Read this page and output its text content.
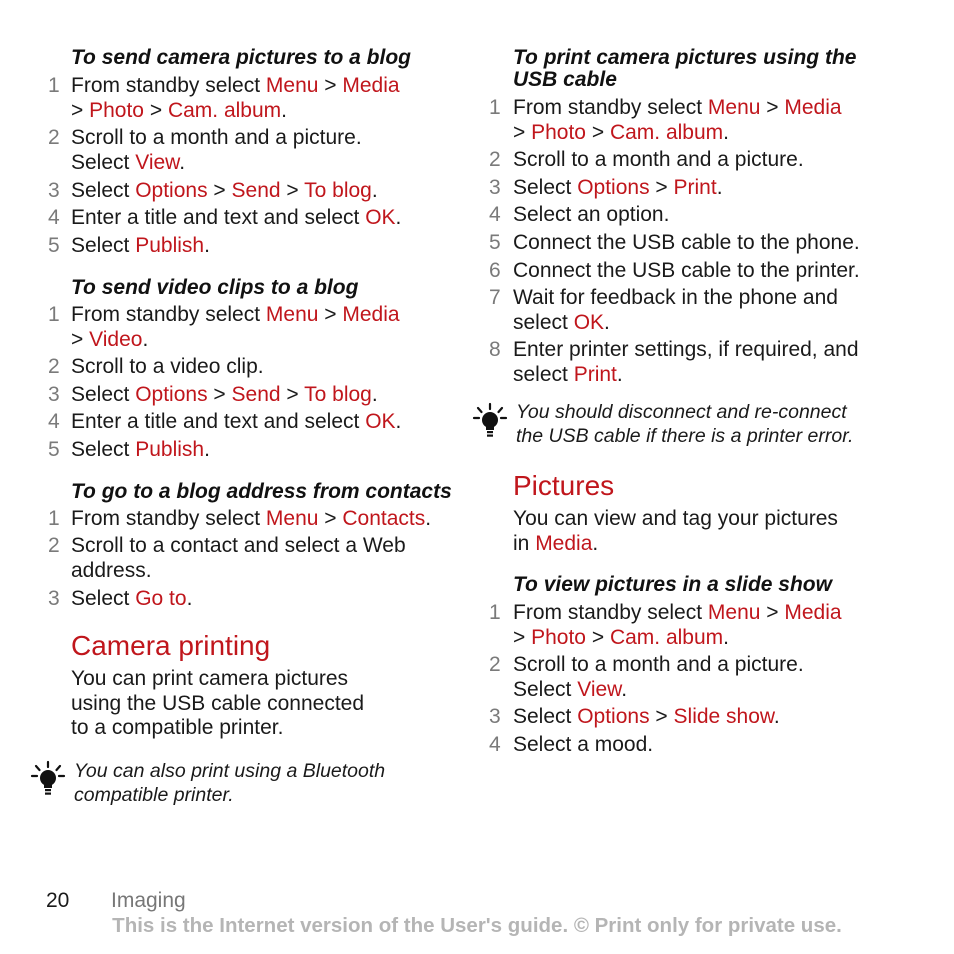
To send camera pictures to a blog
1 From standby select Menu > Media
> Photo > Cam. album.
2 Scroll to a month and a picture.
Select View.
3 Select Options > Send > To blog.
4 Enter a title and text and select OK.
5 Select Publish.
To send video clips to a blog
1 From standby select Menu > Media
> Video.
2 Scroll to a video clip.
3 Select Options > Send > To blog.
4 Enter a title and text and select OK.
5 Select Publish.
To go to a blog address from contacts
1 From standby select Menu > Contacts.
2 Scroll to a contact and select a Web
address.
3 Select Go to.
Camera printing
You can print camera pictures
using the USB cable connected
to a compatible printer.
You can also print using a Bluetooth
compatible printer.
To print camera pictures using the
USB cable
1 From standby select Menu > Media
> Photo > Cam. album.
2 Scroll to a month and a picture.
3 Select Options > Print.
4 Select an option.
5 Connect the USB cable to the phone.
6 Connect the USB cable to the printer.
7 Wait for feedback in the phone and
select OK.
8 Enter printer settings, if required, and
select Print.
You should disconnect and re-connect
the USB cable if there is a printer error.
Pictures
You can view and tag your pictures
in Media.
To view pictures in a slide show
1 From standby select Menu > Media
> Photo > Cam. album.
2 Scroll to a month and a picture.
Select View.
3 Select Options > Slide show.
4 Select a mood.
20 Imaging
This is the Internet version of the User's guide. © Print only for private use.
